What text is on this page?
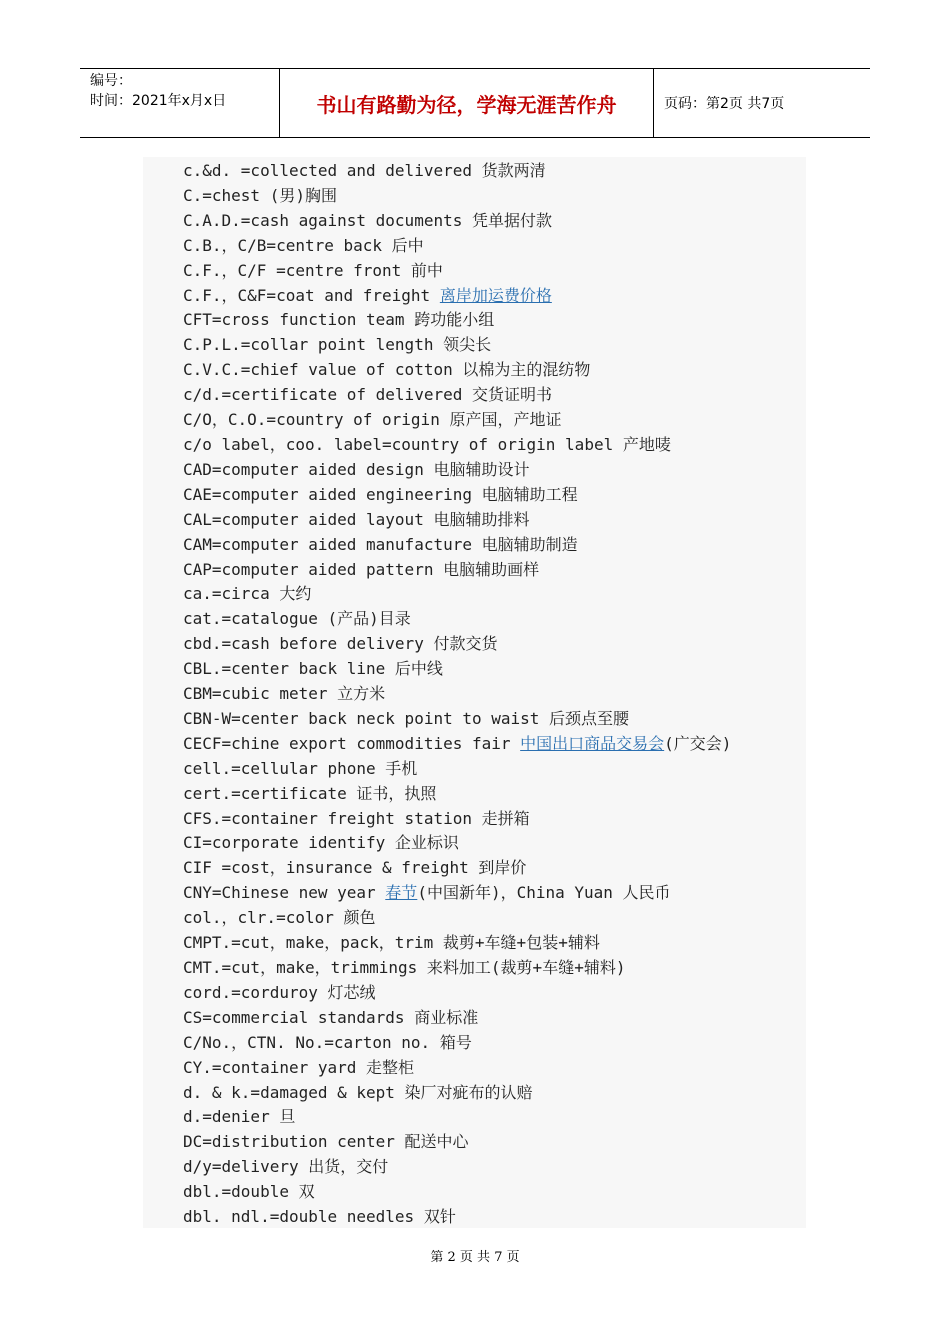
编号：
时间：2021年x月x日	书山有路勤为径，学海无涯苦作舟	页码：第2页 共7页
c.&d. =collected and delivered 货款两清
C.=chest (男)胸围
C.A.D.=cash against documents 凭单据付款
C.B.，C/B=centre back 后中
C.F.，C/F =centre front 前中
C.F.，C&F=coat and freight 离岸加运费价格
CFT=cross function team 跨功能小组
C.P.L.=collar point length 领尖长
C.V.C.=chief value of cotton 以棉为主的混纺物
c/d.=certificate of delivered 交货证明书
C/O，C.O.=country of origin 原产国，产地证
c/o label，coo. label=country of origin label 产地唛
CAD=computer aided design 电脑辅助设计
CAE=computer aided engineering 电脑辅助工程
CAL=computer aided layout 电脑辅助排料
CAM=computer aided manufacture 电脑辅助制造
CAP=computer aided pattern 电脑辅助画样
ca.=circa 大约
cat.=catalogue (产品)目录
cbd.=cash before delivery 付款交货
CBL.=center back line 后中线
CBM=cubic meter 立方米
CBN-W=center back neck point to waist 后颈点至腰
CECF=chine export commodities fair 中国出口商品交易会(广交会)
cell.=cellular phone 手机
cert.=certificate 证书，执照
CFS.=container freight station 走拼箱
CI=corporate identify 企业标识
CIF =cost，insurance & freight 到岸价
CNY=Chinese new year 春节(中国新年)，China Yuan 人民币
col.，clr.=color 颜色
CMPT.=cut，make，pack，trim 裁剪+车缝+包装+辅料
CMT.=cut，make，trimmings 来料加工(裁剪+车缝+辅料)
cord.=corduroy 灯芯绒
CS=commercial standards 商业标准
C/No.，CTN. No.=carton no. 箱号
CY.=container yard 走整柜
d. & k.=damaged & kept 染厂对疵布的认赔
d.=denier 旦
DC=distribution center 配送中心
d/y=delivery 出货，交付
dbl.=double 双
dbl. ndl.=double needles 双针
第 2 页 共 7 页
